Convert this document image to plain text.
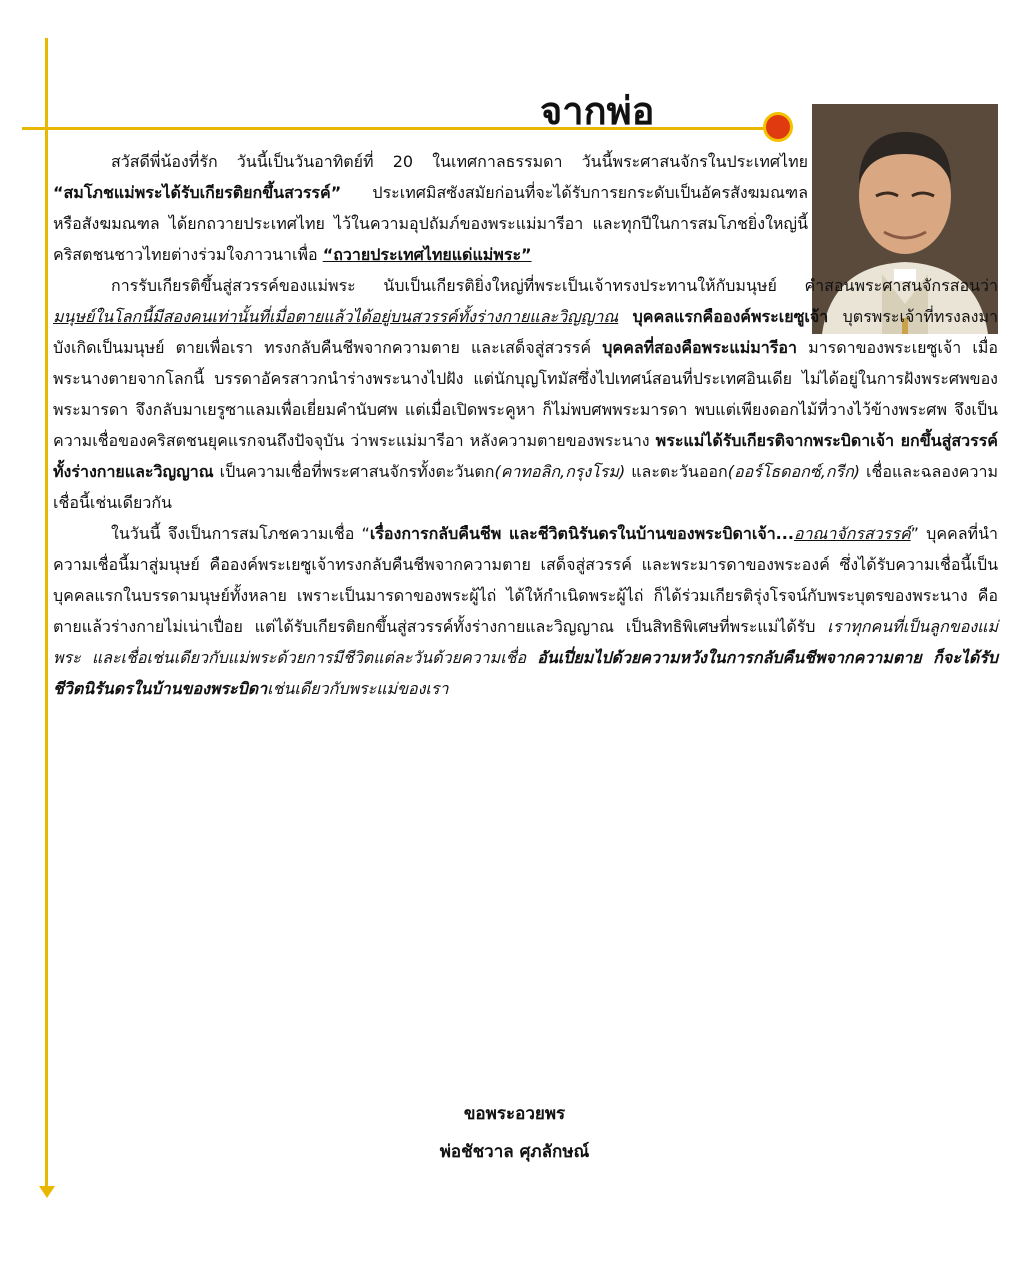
จากพ่อ

สวัสดีพี่น้องที่รัก วันนี้เป็นวันอาทิตย์ที่ 20 ในเทศกาลธรรมดา วันนี้พระศาสนจักรในประเทศไทย “สมโภชแม่พระได้รับเกียรติยกขึ้นสวรรค์” ประเทศมิสซังสมัยก่อนที่จะได้รับการยกระดับเป็นอัครสังฆมณฑล หรือสังฆมณฑล ได้ยกถวายประเทศไทย ไว้ในความอุปถัมภ์ของพระแม่มารีอา และทุกปีในการสมโภชยิ่งใหญ่นี้ คริสตชนชาวไทยต่างร่วมใจภาวนาเพื่อ “ถวายประเทศไทยแด่แม่พระ”

การรับเกียรติขึ้นสู่สวรรค์ของแม่พระ นับเป็นเกียรติยิ่งใหญ่ที่พระเป็นเจ้าทรงประทานให้กับมนุษย์ คำสอนพระศาสนจักรสอนว่า มนุษย์ในโลกนี้มีสองคนเท่านั้นที่เมื่อตายแล้วได้อยู่บนสวรรค์ทั้งร่างกายและวิญญาณ บุคคลแรกคือองค์พระเยซูเจ้า บุตรพระเจ้าที่ทรงลงมาบังเกิดเป็นมนุษย์ ตายเพื่อเรา ทรงกลับคืนชีพจากความตาย และเสด็จสู่สวรรค์ บุคคลที่สองคือพระแม่มารีอา มารดาของพระเยซูเจ้า เมื่อพระนางตายจากโลกนี้ บรรดาอัครสาวกนำร่างพระนางไปฝัง แต่นักบุญโทมัสซึ่งไปเทศน์สอนที่ประเทศอินเดีย ไม่ได้อยู่ในการฝังพระศพของพระมารดา จึงกลับมาเยรูซาแลมเพื่อเยี่ยมคำนับศพ แต่เมื่อเปิดพระคูหา ก็ไม่พบศพพระมารดา พบแต่เพียงดอกไม้ที่วางไว้ข้างพระศพ จึงเป็นความเชื่อของคริสตชนยุคแรกจนถึงปัจจุบัน ว่าพระแม่มารีอา หลังความตายของพระนาง พระแม่ได้รับเกียรติจากพระบิดาเจ้า ยกขึ้นสู่สวรรค์ทั้งร่างกายและวิญญาณ เป็นความเชื่อที่พระศาสนจักรทั้งตะวันตก(คาทอลิก,กรุงโรม) และตะวันออก(ออร์โธดอกซ์,กรีก) เชื่อและฉลองความเชื่อนี้เช่นเดียวกัน

ในวันนี้ จึงเป็นการสมโภชความเชื่อ “เรื่องการกลับคืนชีพ และชีวิตนิรันดรในบ้านของพระบิดาเจ้า...อาณาจักรสวรรค์” บุคคลที่นำความเชื่อนี้มาสู่มนุษย์ คือองค์พระเยซูเจ้าทรงกลับคืนชีพจากความตาย เสด็จสู่สวรรค์ และพระมารดาของพระองค์ ซึ่งได้รับความเชื่อนี้เป็นบุคคลแรกในบรรดามนุษย์ทั้งหลาย เพราะเป็นมารดาของพระผู้ไถ่ ได้ให้กำเนิดพระผู้ไถ่ ก็ได้ร่วมเกียรติรุ่งโรจน์กับพระบุตรของพระนาง คือตายแล้วร่างกายไม่เน่าเปื่อย แต่ได้รับเกียรติยกขึ้นสู่สวรรค์ทั้งร่างกายและวิญญาณ เป็นสิทธิพิเศษที่พระแม่ได้รับ เราทุกคนที่เป็นลูกของแม่พระ และเชื่อเช่นเดียวกับแม่พระด้วยการมีชีวิตแต่ละวันด้วยความเชื่อ อันเปี่ยมไปด้วยความหวังในการกลับคืนชีพจากความตาย ก็จะได้รับชีวิตนิรันดรในบ้านของพระบิดาเช่นเดียวกับพระแม่ของเรา

ขอพระอวยพร
พ่อชัชวาล ศุภลักษณ์
